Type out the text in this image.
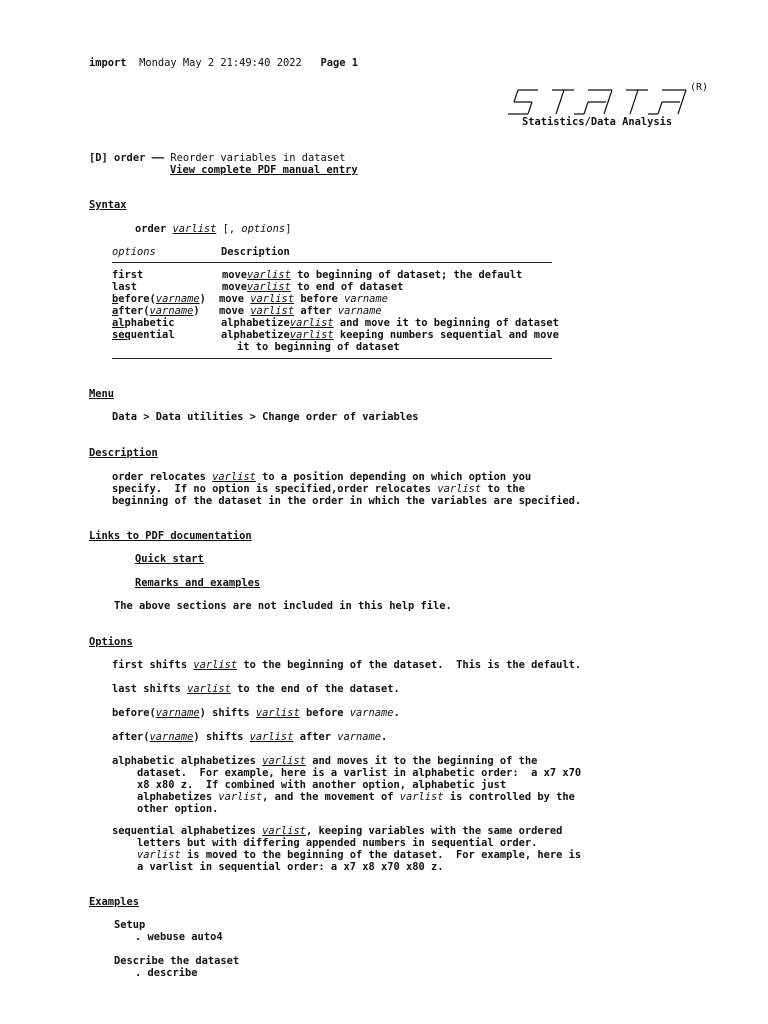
import Monday May 2 21:49:40 2022 Page 1
(R)
Statistics/Data Analysis
[D] order —— Reorder variables in dataset
View complete PDF manual entry
Syntax
order varlist [, options]
options	Description
first	movevarlist to beginning of dataset; the default
last	movevarlist to end of dataset
before(varname) move varlist before varname
after(varname) move varlist after varname
alphabetic	alphabetizevarlist and move it to beginning of dataset
sequential	alphabetizevarlist keeping numbers sequential and move
it to beginning of dataset
Menu
Data > Data utilities > Change order of variables
Description
order relocates varlist to a position depending on which option you
specify.  If no option is specified,order relocates varlist to the
beginning of the dataset in the order in which the variables are specified.
Links to PDF documentation
Quick start
Remarks and examples
The above sections are not included in this help file.
Options
first shifts varlist to the beginning of the dataset.  This is the default.
last shifts varlist to the end of the dataset.
before(varname) shifts varlist before varname.
after(varname) shifts varlist after varname.
alphabetic alphabetizes varlist and moves it to the beginning of the
dataset.  For example, here is a varlist in alphabetic order:  a x7 x70
x8 x80 z.  If combined with another option, alphabetic just
alphabetizes varlist, and the movement of varlist is controlled by the
other option.
sequential alphabetizes varlist, keeping variables with the same ordered
letters but with differing appended numbers in sequential order.
varlist is moved to the beginning of the dataset.  For example, here is
a varlist in sequential order: a x7 x8 x70 x80 z.
Examples
Setup
. webuse auto4
Describe the dataset
. describe
